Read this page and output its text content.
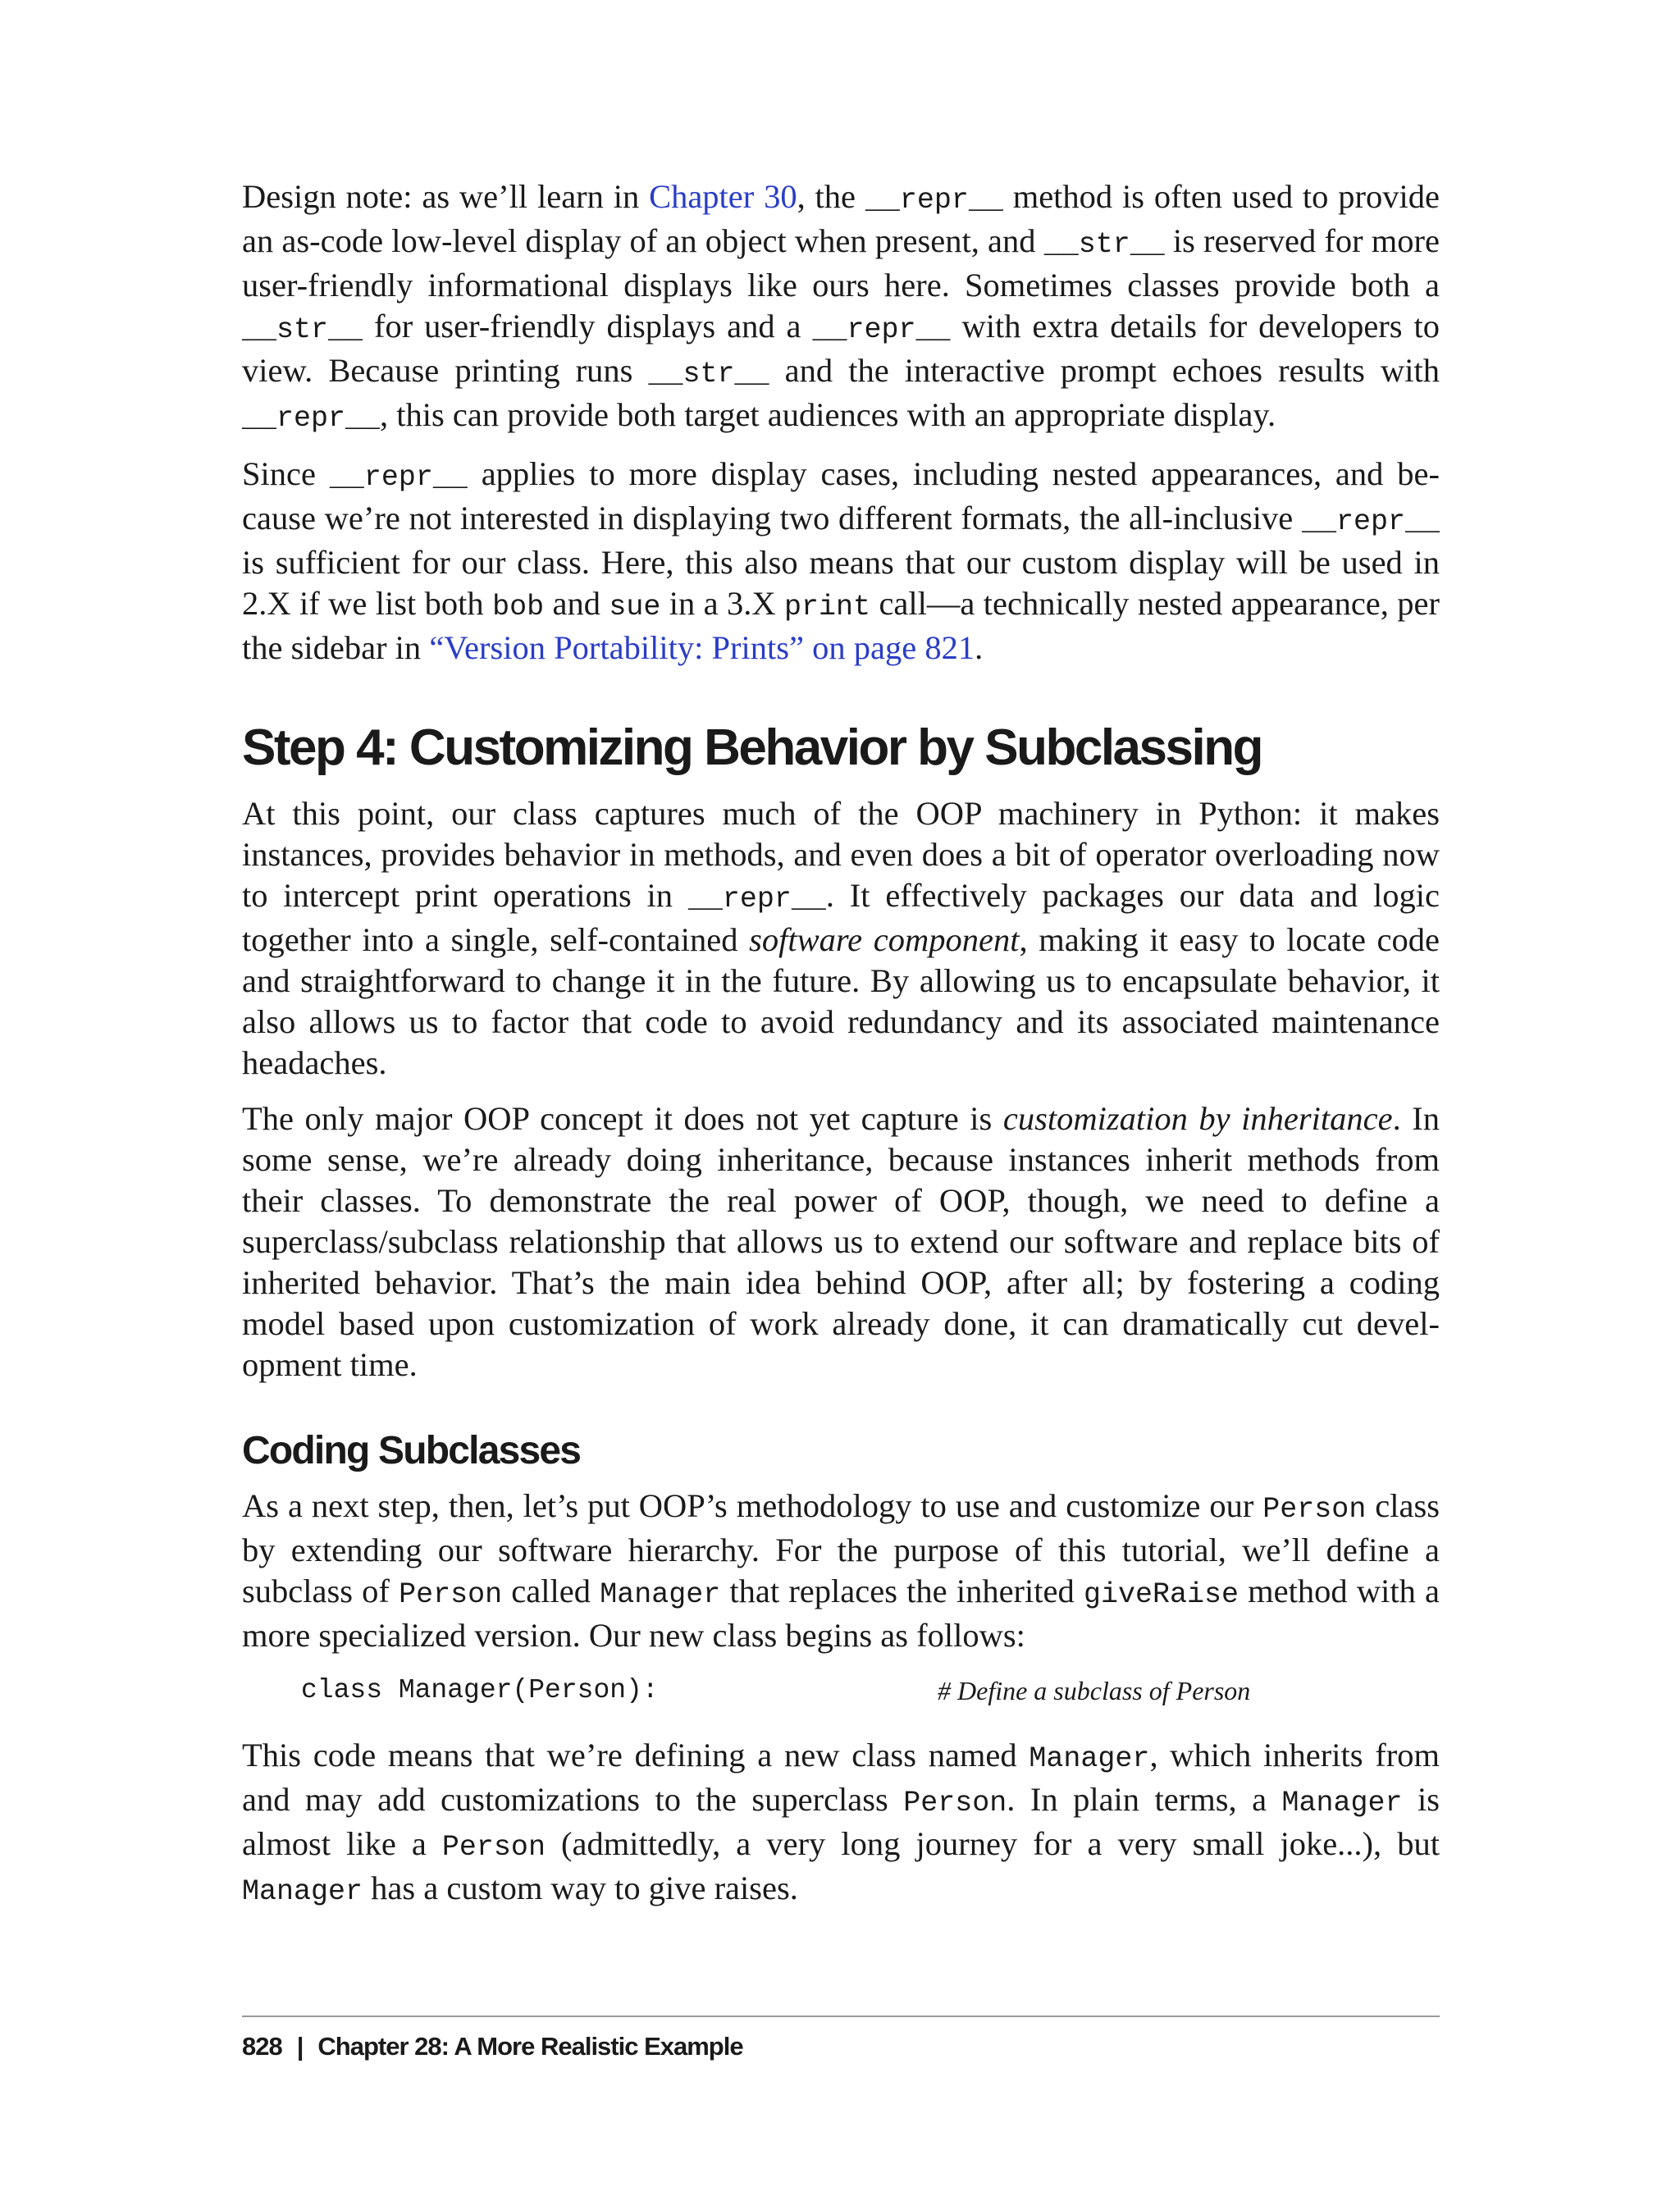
Design note: as we’ll learn in Chapter 30, the __repr__ method is often used to provide an as-code low-level display of an object when present, and __str__ is reserved for more user-friendly informational displays like ours here. Sometimes classes provide both a __str__ for user-friendly displays and a __repr__ with extra details for developers to view. Because printing runs __str__ and the interactive prompt echoes results with __repr__, this can provide both target audiences with an appropriate display.

Since __repr__ applies to more display cases, including nested appearances, and because we’re not interested in displaying two different formats, the all-inclusive __repr__ is sufficient for our class. Here, this also means that our custom display will be used in 2.X if we list both bob and sue in a 3.X print call—a technically nested appearance, per the sidebar in “Version Portability: Prints” on page 821.

Step 4: Customizing Behavior by Subclassing

At this point, our class captures much of the OOP machinery in Python: it makes instances, provides behavior in methods, and even does a bit of operator overloading now to intercept print operations in __repr__. It effectively packages our data and logic together into a single, self-contained software component, making it easy to locate code and straightforward to change it in the future. By allowing us to encapsulate behavior, it also allows us to factor that code to avoid redundancy and its associated maintenance headaches.

The only major OOP concept it does not yet capture is customization by inheritance. In some sense, we’re already doing inheritance, because instances inherit methods from their classes. To demonstrate the real power of OOP, though, we need to define a superclass/subclass relationship that allows us to extend our software and replace bits of inherited behavior. That’s the main idea behind OOP, after all; by fostering a coding model based upon customization of work already done, it can dramatically cut development time.

Coding Subclasses

As a next step, then, let’s put OOP’s methodology to use and customize our Person class by extending our software hierarchy. For the purpose of this tutorial, we’ll define a subclass of Person called Manager that replaces the inherited giveRaise method with a more specialized version. Our new class begins as follows:

class Manager(Person):	# Define a subclass of Person

This code means that we’re defining a new class named Manager, which inherits from and may add customizations to the superclass Person. In plain terms, a Manager is almost like a Person (admittedly, a very long journey for a very small joke...), but Manager has a custom way to give raises.

828 | Chapter 28: A More Realistic Example
